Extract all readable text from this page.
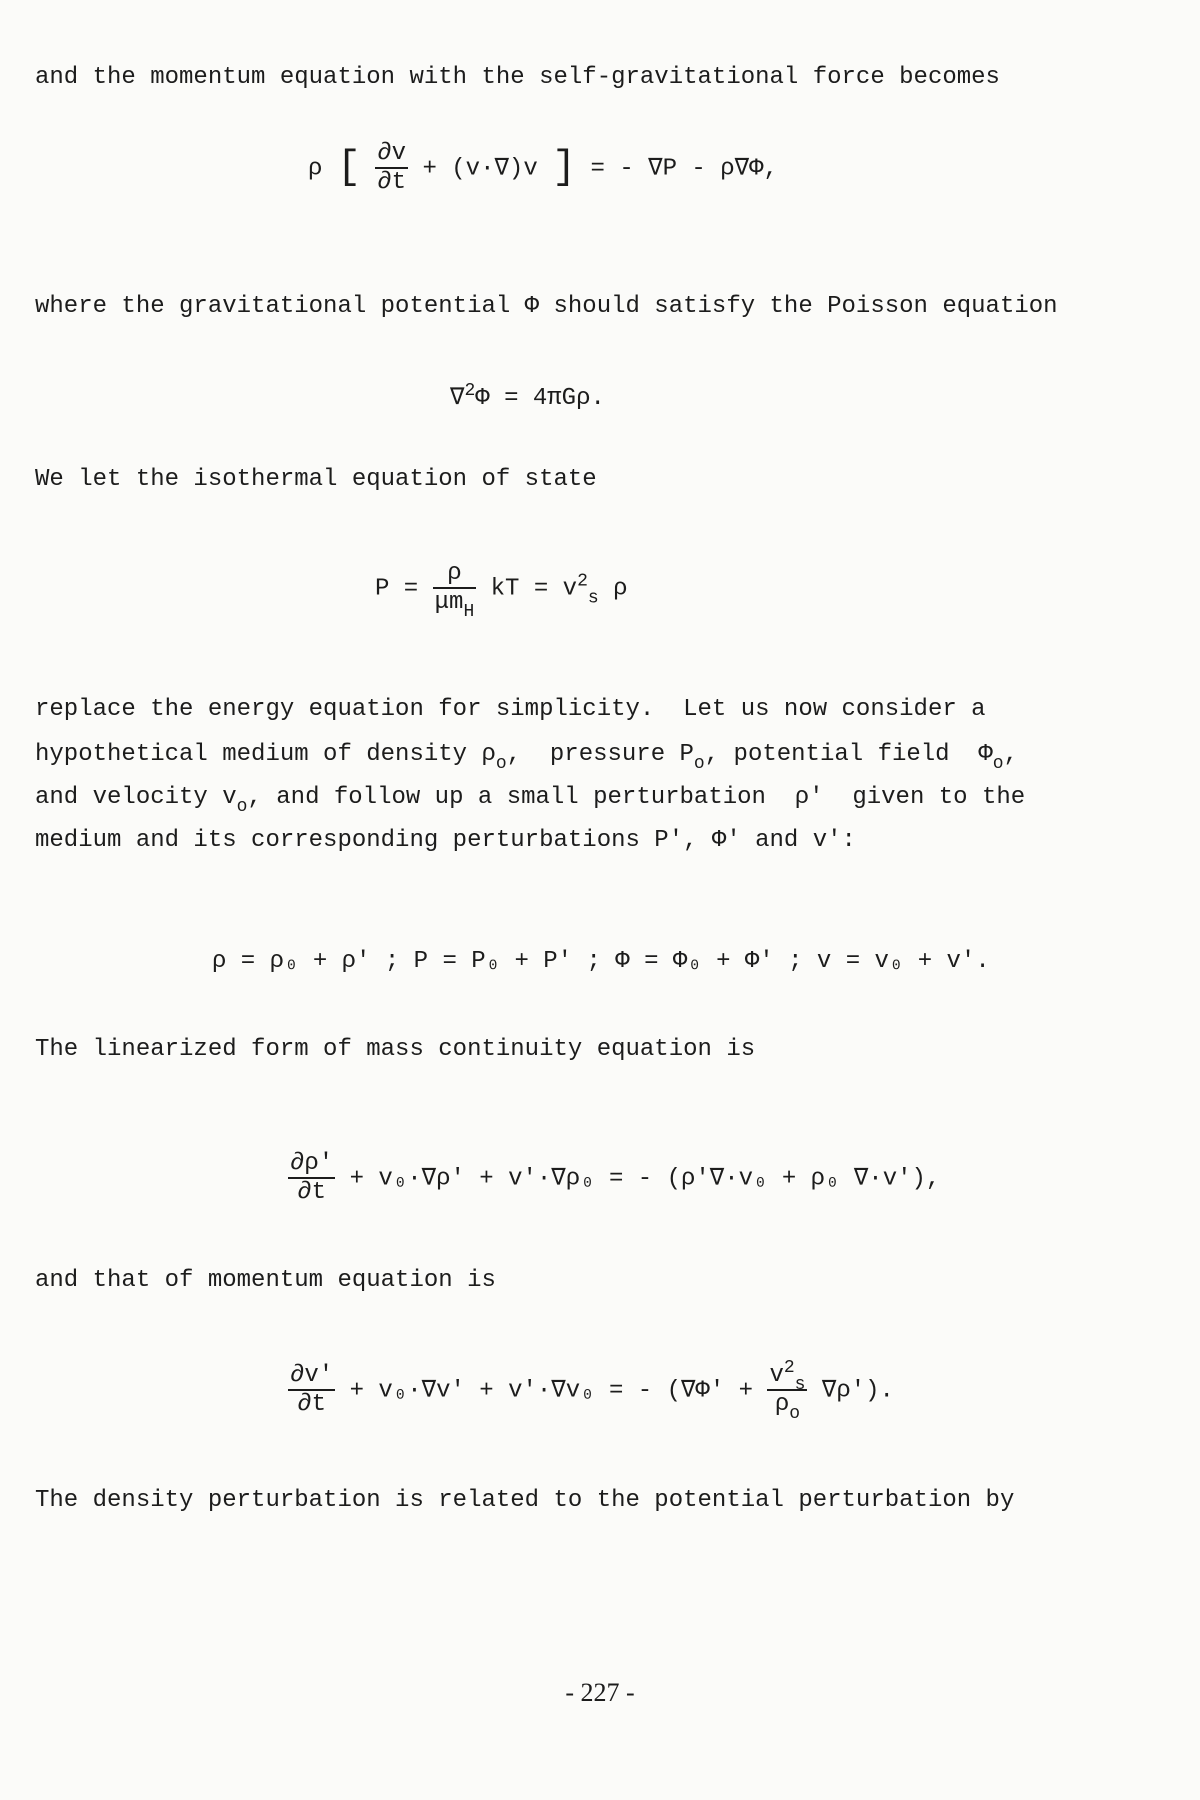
and the momentum equation with the self-gravitational force becomes
ρ [ $\frac{\partial v}{\partial t} + (v\cdot\nabla)v$ ] = - ∇P - ρ∇Φ,
where the gravitational potential Φ should satisfy the Poisson equation
∇$^2$Φ = 4πGρ.
We let the isothermal equation of state
$P = \frac{\rho}{\mu m_H}$ kT = $v^2_s$ ρ
replace the energy equation for simplicity.  Let us now consider a
hypothetical medium of density $\rho_o$,  pressure $P_o$, potential field  $\Phi_o$,
and velocity $v_o$, and follow up a small perturbation  ρ'  given to the
medium and its corresponding perturbations P', Φ' and v':
ρ = ρ₀ + ρ' ; P = P₀ + P' ; Φ = Φ₀ + Φ' ; v = v₀ + v'.
The linearized form of mass continuity equation is
$\frac{\partial\rho'}{\partial t} + v_0\cdot\nabla\rho' + v'\cdot\nabla\rho_0$ = - (ρ'∇·v₀ + ρ₀ ∇·v'),
and that of momentum equation is
$\frac{\partial v'}{\partial t} + v_0\cdot\nabla v' + v'\cdot\nabla v_0$ = - $(\nabla\Phi' + \frac{v^2_s}{\rho_o} \nabla\rho')$.
The density perturbation is related to the potential perturbation by
- 227 -
